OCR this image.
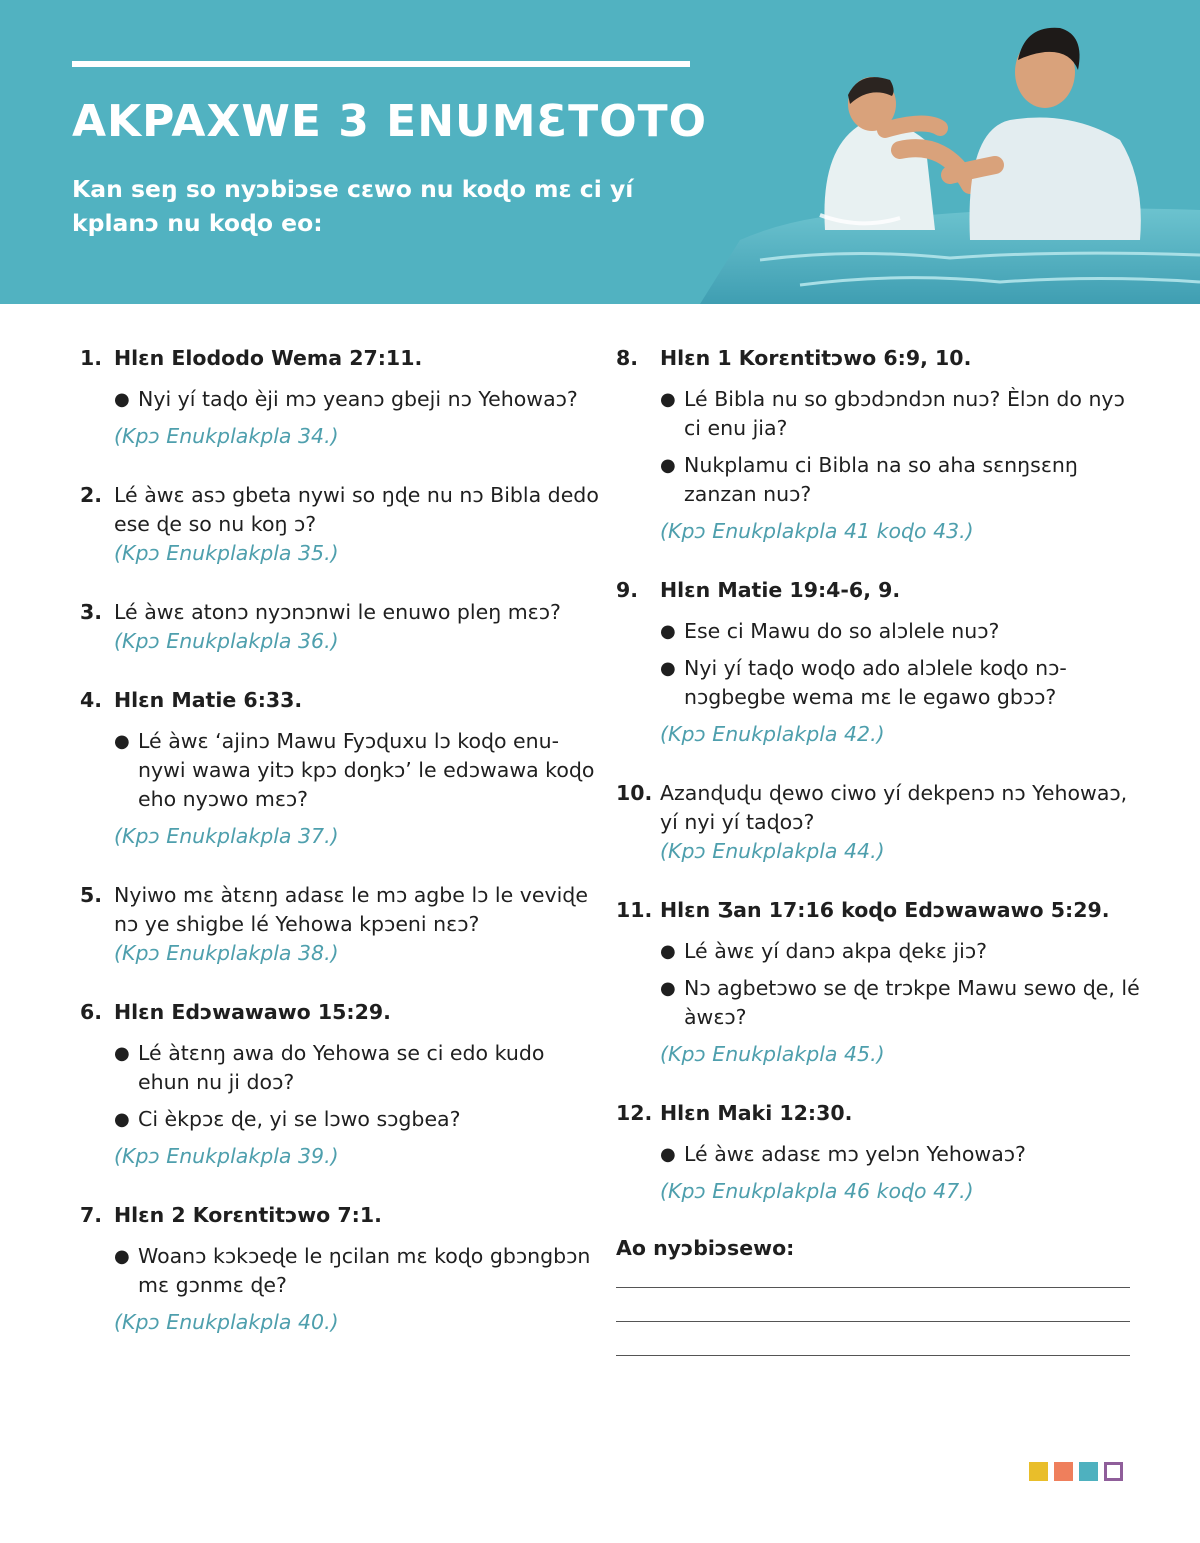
AKPAXWE 3 ENUMƐTOTO
Kan seŋ so nyɔbiɔse cɛwo nu koɖo mɛ ci yí kplanɔ nu koɖo eo:
1. Hlɛn Elododo Wema 27:11.
● Nyi yí taɖo èji mɔ yeanɔ gbeji nɔ Yehowaɔ?
(Kpɔ Enukplakpla 34.)
2. Lé àwɛ asɔ gbeta nywi so ŋɖe nu nɔ Bibla dedo ese ɖe so nu koŋ ɔ?
(Kpɔ Enukplakpla 35.)
3. Lé àwɛ atonɔ nyɔnɔnwi le enuwo pleŋ mɛɔ?
(Kpɔ Enukplakpla 36.)
4. Hlɛn Matie 6:33.
● Lé àwɛ ‘ajinɔ Mawu Fyɔɖuxu lɔ koɖo enu-nywi wawa yitɔ kpɔ doŋkɔ’ le edɔwawa koɖo eho nyɔwo mɛɔ?
(Kpɔ Enukplakpla 37.)
5. Nyiwo mɛ àtɛnŋ adasɛ le mɔ agbe lɔ le veviɖe nɔ ye shigbe lé Yehowa kpɔeni nɛɔ?
(Kpɔ Enukplakpla 38.)
6. Hlɛn Edɔwawawo 15:29.
● Lé àtɛnŋ awa do Yehowa se ci edo kudo ehun nu ji doɔ?
● Ci èkpɔɛ ɖe, yi se lɔwo sɔgbea?
(Kpɔ Enukplakpla 39.)
7. Hlɛn 2 Korɛntitɔwo 7:1.
● Woanɔ kɔkɔeɖe le ŋcilan mɛ koɖo gbɔngbɔn mɛ gɔnmɛ ɖe?
(Kpɔ Enukplakpla 40.)
8.	Hlɛn 1 Korɛntitɔwo 6:9, 10.
● Lé Bibla nu so gbɔdɔndɔn nuɔ? Èlɔn do nyɔ ci enu jia?
● Nukplamu ci Bibla na so aha sɛnŋsɛnŋ zanzan nuɔ?
(Kpɔ Enukplakpla 41 koɖo 43.)
9.	Hlɛn Matie 19:4-6, 9.
● Ese ci Mawu do so alɔlele nuɔ?
● Nyi yí taɖo woɖo ado alɔlele koɖo nɔ-nɔgbegbe wema mɛ le egawo gbɔɔ?
(Kpɔ Enukplakpla 42.)
10. Azanɖuɖu ɖewo ciwo yí dekpenɔ nɔ Yehowaɔ, yí nyi yí taɖoɔ?
(Kpɔ Enukplakpla 44.)
11. Hlɛn Ʒan 17:16 koɖo Edɔwawawo 5:29.
● Lé àwɛ yí danɔ akpa ɖekɛ jiɔ?
● Nɔ agbetɔwo se ɖe trɔkpe Mawu sewo ɖe, lé àwɛɔ?
(Kpɔ Enukplakpla 45.)
12. Hlɛn Maki 12:30.
● Lé àwɛ adasɛ mɔ yelɔn Yehowaɔ?
(Kpɔ Enukplakpla 46 koɖo 47.)
Ao nyɔbiɔsewo:
